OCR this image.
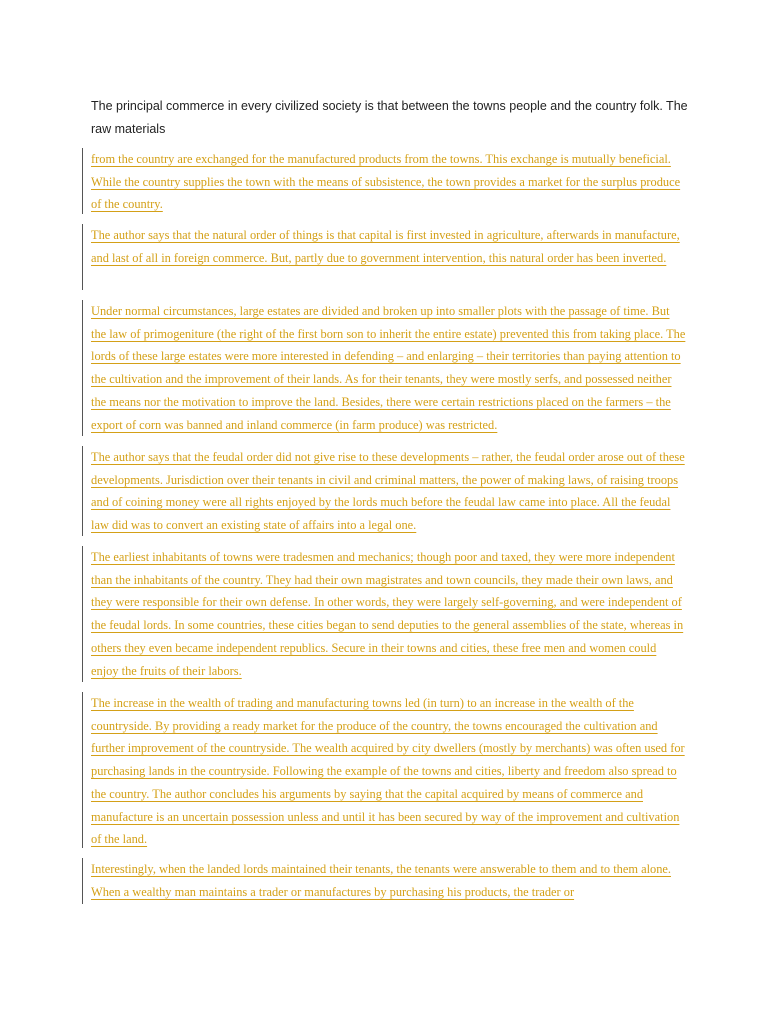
The principal commerce in every civilized society is that between the towns people and the country folk. The raw materials
from the country are exchanged for the manufactured products from the towns. This exchange is mutually beneficial. While the country supplies the town with the means of subsistence, the town provides a market for the surplus produce of the country.
The author says that the natural order of things is that capital is first invested in agriculture, afterwards in manufacture, and last of all in foreign commerce. But, partly due to government intervention, this natural order has been inverted.
Under normal circumstances, large estates are divided and broken up into smaller plots with the passage of time. But the law of primogeniture (the right of the first born son to inherit the entire estate) prevented this from taking place. The lords of these large estates were more interested in defending – and enlarging – their territories than paying attention to the cultivation and the improvement of their lands. As for their tenants, they were mostly serfs, and possessed neither the means nor the motivation to improve the land. Besides, there were certain restrictions placed on the farmers – the export of corn was banned and inland commerce (in farm produce) was restricted.
The author says that the feudal order did not give rise to these developments – rather, the feudal order arose out of these developments. Jurisdiction over their tenants in civil and criminal matters, the power of making laws, of raising troops and of coining money were all rights enjoyed by the lords much before the feudal law came into place. All the feudal law did was to convert an existing state of affairs into a legal one.
The earliest inhabitants of towns were tradesmen and mechanics; though poor and taxed, they were more independent than the inhabitants of the country. They had their own magistrates and town councils, they made their own laws, and they were responsible for their own defense. In other words, they were largely self-governing, and were independent of the feudal lords. In some countries, these cities began to send deputies to the general assemblies of the state, whereas in others they even became independent republics. Secure in their towns and cities, these free men and women could enjoy the fruits of their labors.
The increase in the wealth of trading and manufacturing towns led (in turn) to an increase in the wealth of the countryside. By providing a ready market for the produce of the country, the towns encouraged the cultivation and further improvement of the countryside. The wealth acquired by city dwellers (mostly by merchants) was often used for purchasing lands in the countryside. Following the example of the towns and cities, liberty and freedom also spread to the country. The author concludes his arguments by saying that the capital acquired by means of commerce and manufacture is an uncertain possession unless and until it has been secured by way of the improvement and cultivation of the land.
Interestingly, when the landed lords maintained their tenants, the tenants were answerable to them and to them alone. When a wealthy man maintains a trader or manufactures by purchasing his products, the trader or
